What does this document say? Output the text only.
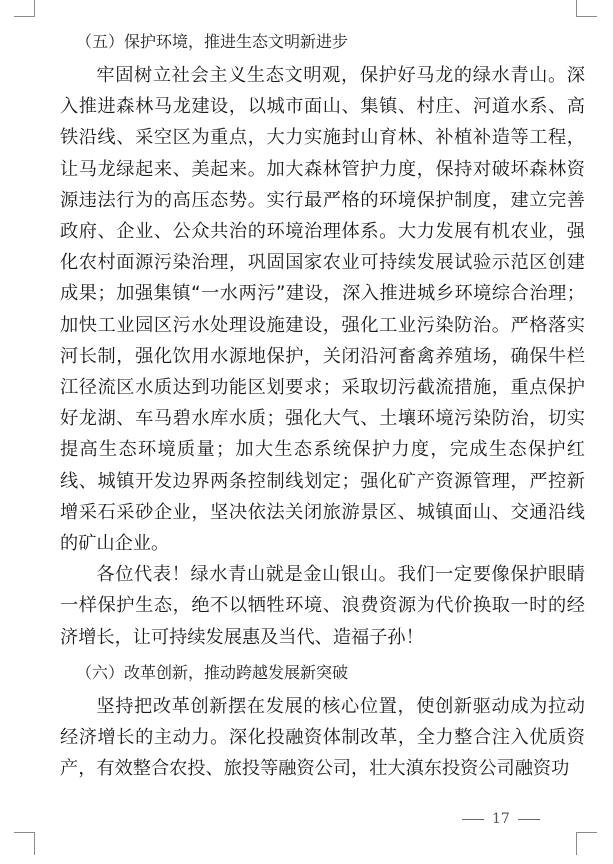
（五）保护环境，推进生态文明新进步

牢固树立社会主义生态文明观，保护好马龙的绿水青山。深入推进森林马龙建设，以城市面山、集镇、村庄、河道水系、高铁沿线、采空区为重点，大力实施封山育林、补植补造等工程，让马龙绿起来、美起来。加大森林管护力度，保持对破坏森林资源违法行为的高压态势。实行最严格的环境保护制度，建立完善政府、企业、公众共治的环境治理体系。大力发展有机农业，强化农村面源污染治理，巩固国家农业可持续发展试验示范区创建成果；加强集镇“一水两污”建设，深入推进城乡环境综合治理；加快工业园区污水处理设施建设，强化工业污染防治。严格落实河长制，强化饮用水源地保护，关闭沿河畜禽养殖场，确保牛栏江径流区水质达到功能区划要求；采取切污截流措施，重点保护好龙湖、车马碧水库水质；强化大气、土壤环境污染防治，切实提高生态环境质量；加大生态系统保护力度，完成生态保护红线、城镇开发边界两条控制线划定；强化矿产资源管理，严控新增采石采砂企业，坚决依法关闭旅游景区、城镇面山、交通沿线的矿山企业。

各位代表！绿水青山就是金山银山。我们一定要像保护眼睛一样保护生态，绝不以牺牲环境、浪费资源为代价换取一时的经济增长，让可持续发展惠及当代、造福子孙！

（六）改革创新，推动跨越发展新突破

坚持把改革创新摆在发展的核心位置，使创新驱动成为拉动经济增长的主动力。深化投融资体制改革，全力整合注入优质资产，有效整合农投、旅投等融资公司，壮大滇东投资公司融资功

17
